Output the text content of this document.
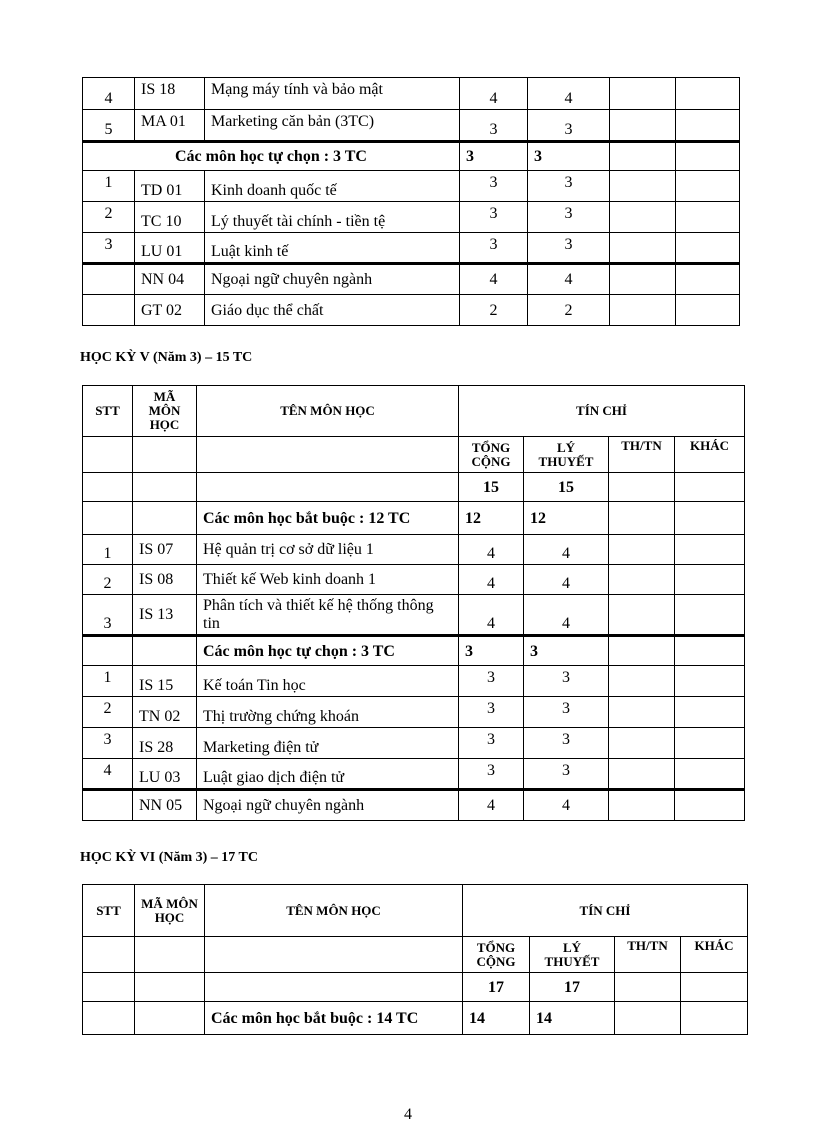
4	IS 18	Mạng máy tính và bảo mật	4	4		
5	MA 01	Marketing căn bản (3TC)	3	3		
Các môn học tự chọn : 3 TC			3	3		
1	TD 01	Kinh doanh quốc tế	3	3		
2	TC 10	Lý thuyết tài chính - tiền tệ	3	3		
3	LU 01	Luật kinh tế	3	3		
	NN 04	Ngoại ngữ chuyên ngành	4	4		
	GT 02	Giáo dục thể chất	2	2		
HỌC KỲ V (Năm 3) – 15 TC
STT	MÃ MÔN HỌC	TÊN MÔN HỌC	TÍN CHỈ			
			TỔNG CỘNG	LÝ THUYẾT	TH/TN	KHÁC
			15	15		
		Các môn học bắt buộc : 12 TC	12	12		
1	IS 07	Hệ quản trị cơ sở dữ liệu 1	4	4		
2	IS 08	Thiết kế Web kinh doanh 1	4	4		
3	IS 13	Phân tích và thiết kế hệ thống thông tin	4	4		
		Các môn học tự chọn : 3 TC	3	3		
1	IS 15	Kế toán Tin học	3	3		
2	TN 02	Thị trường chứng khoán	3	3		
3	IS 28	Marketing điện tử	3	3		
4	LU 03	Luật giao dịch điện tử	3	3		
	NN 05	Ngoại ngữ chuyên ngành	4	4		
HỌC KỲ VI (Năm 3) – 17 TC
STT	MÃ MÔN HỌC	TÊN MÔN HỌC	TÍN CHỈ			
			TỔNG CỘNG	LÝ THUYẾT	TH/TN	KHÁC
			17	17		
		Các môn học bắt buộc : 14 TC	14	14		
4
